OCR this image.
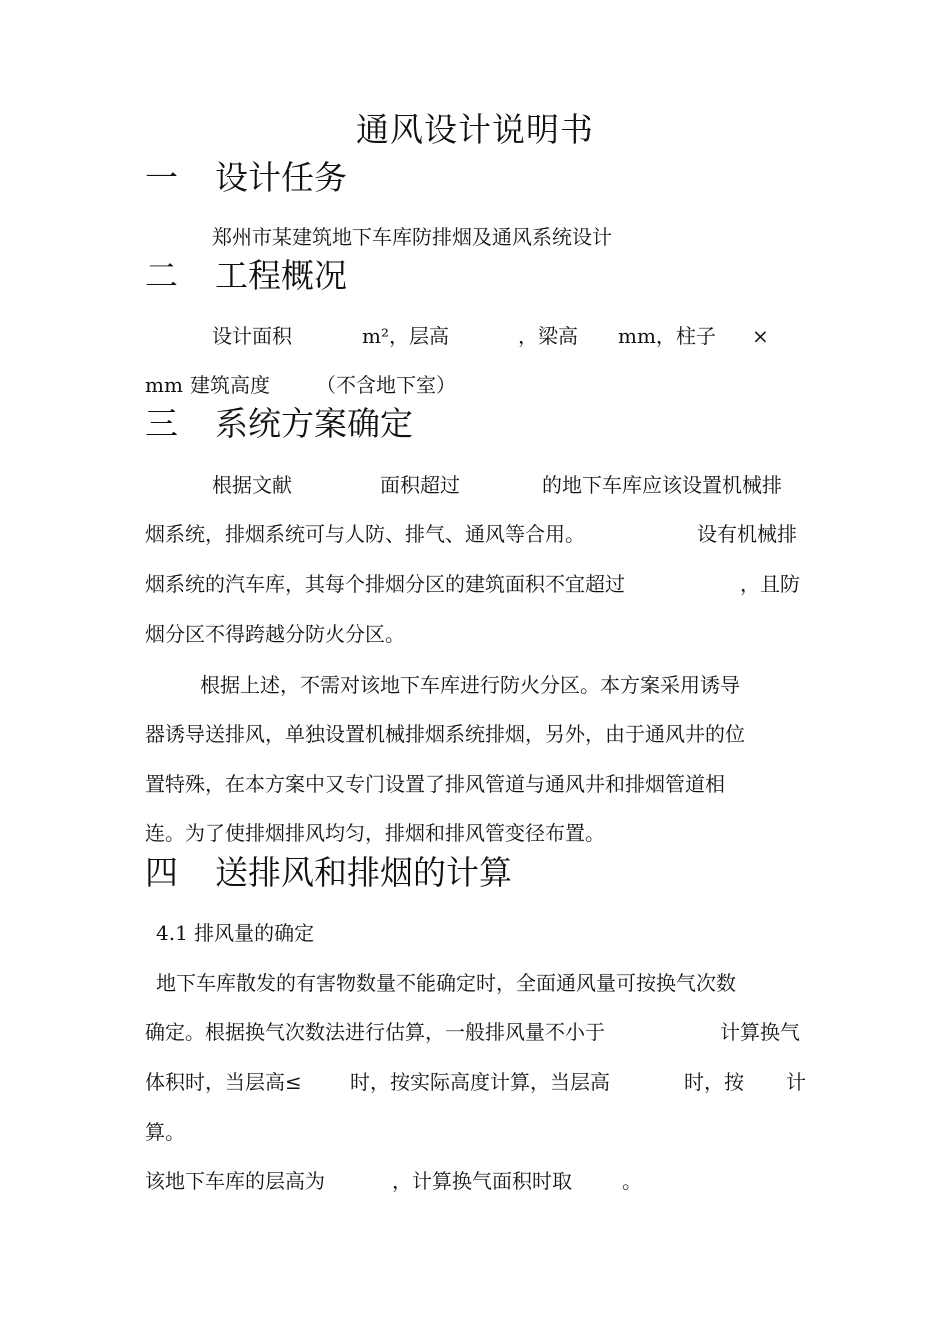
通风设计说明书
一 设计任务
郑州市某建筑地下车库防排烟及通风系统设计
二 工程概况
设计面积	m²，层高	，梁高 mm，柱子 ×
mm 建筑高度 （不含地下室）
三 系统方案确定
根据文献	面积超过	的地下车库应该设置机械排
烟系统，排烟系统可与人防、排气、通风等合用。	设有机械排
烟系统的汽车库，其每个排烟分区的建筑面积不宜超过	，且防
烟分区不得跨越分防火分区。
根据上述，不需对该地下车库进行防火分区。本方案采用诱导
器诱导送排风，单独设置机械排烟系统排烟，另外，由于通风井的位
置特殊，在本方案中又专门设置了排风管道与通风井和排烟管道相
连。为了使排烟排风均匀，排烟和排风管变径布置。
四 送排风和排烟的计算
4.1 排风量的确定
地下车库散发的有害物数量不能确定时，全面通风量可按换气次数
确定。根据换气次数法进行估算，一般排风量不小于	计算换气
体积时，当层高≤ 时，按实际高度计算，当层高	时，按 计
算。
该地下车库的层高为	，计算换气面积时取	。
